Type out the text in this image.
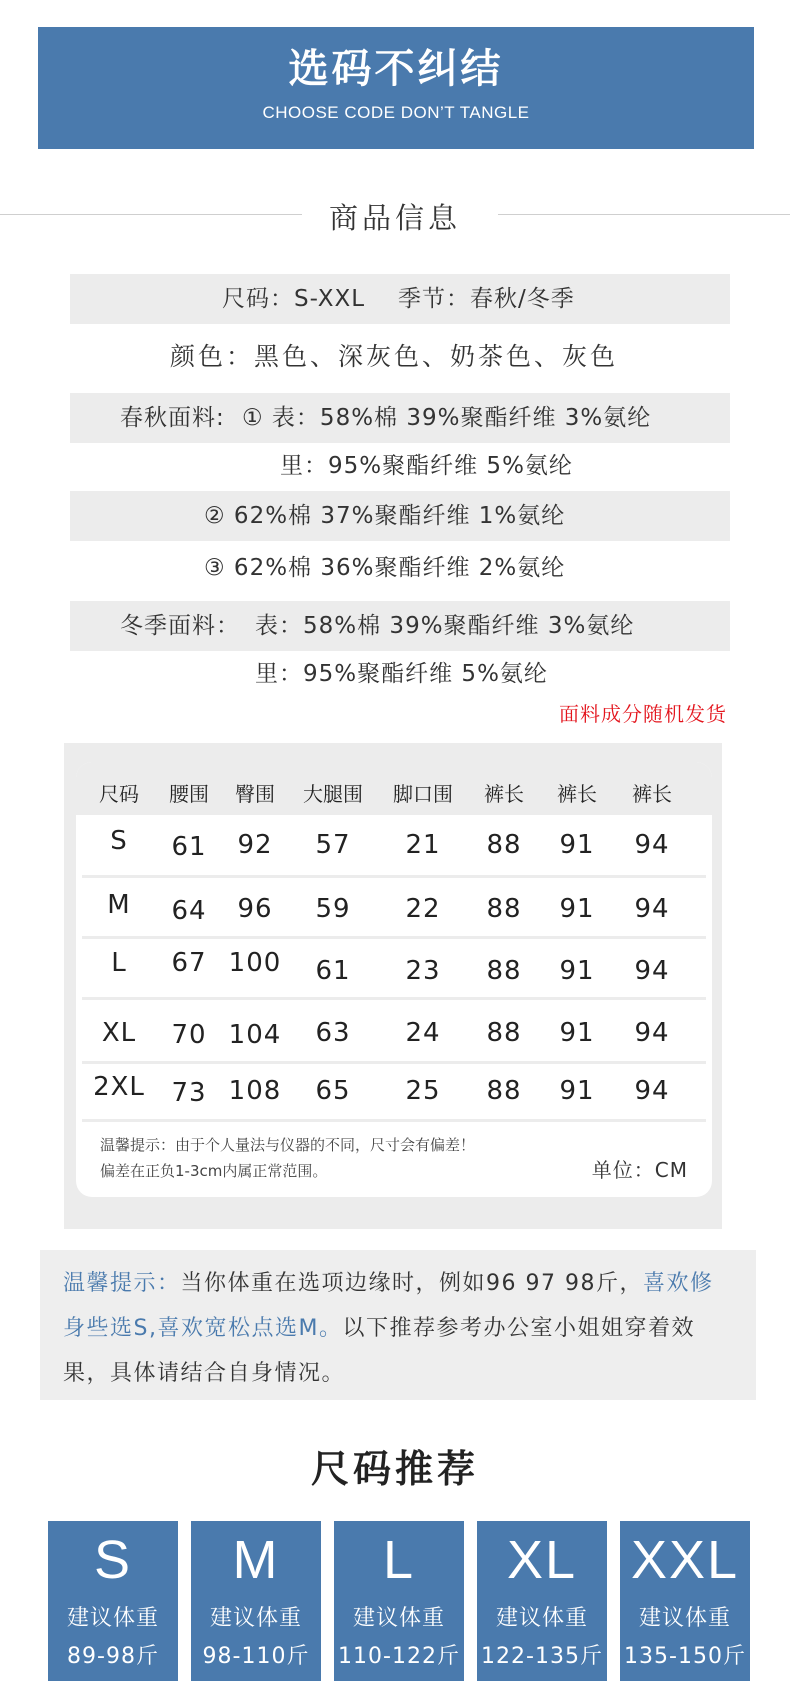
选码不纠结
CHOOSE CODE DON’T TANGLE
商品信息
尺码：S-XXL 季节：春秋/冬季
颜色：黑色、深灰色、奶茶色、灰色
春秋面料: ① 表：58%棉 39%聚酯纤维 3%氨纶
里：95%聚酯纤维 5%氨纶
② 62%棉 37%聚酯纤维 1%氨纶
③ 62%棉 36%聚酯纤维 2%氨纶
冬季面料： 表：58%棉 39%聚酯纤维 3%氨纶
里：95%聚酯纤维 5%氨纶
面料成分随机发货
尺码	腰围	臀围	大腿围	脚口围	裤长	裤长	裤长
S	61	92	57	21	88	91	94
M	64	96	59	22	88	91	94
L	67 100	61	23	88	91	94
XL	70 104	63	24	88	91	94
2XL	73 108	65	25	88	91	94
温馨提示：由于个人量法与仪器的不同，尺寸会有偏差！
偏差在正负1-3cm内属正常范围。	单位：CM
温馨提示：当你体重在选项边缘时，例如96 97 98斤，喜欢修
身些选S,喜欢宽松点选M。以下推荐参考办公室小姐姐穿着效
果，具体请结合自身情况。
尺码推荐
S
建议体重
89-98斤
M
建议体重
98-110斤
L
建议体重
110-122斤
XL
建议体重
122-135斤
XXL
建议体重
135-150斤
